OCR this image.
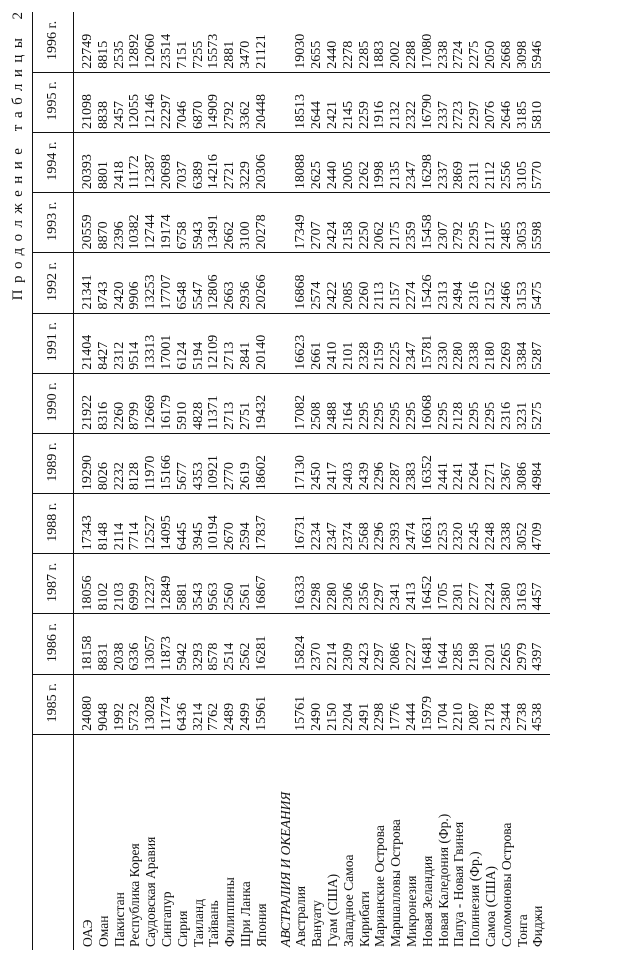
Продолжение таблицы2
	1985 г.	1986 г.	1987 г.	1988 г.	1989 г.	1990 г.	1991 г.	1992 г.	1993 г.	1994 г.	1995 г.	1996 г.
ОАЭ	24080	18158	18056	17343	19290	21922	21404	21341	20559	20393	21098	22749
Оман	9048	8831	8102	8148	8026	8316	8427	8743	8870	8801	8838	8815
Пакистан	1992	2038	2103	2114	2232	2260	2312	2420	2396	2418	2457	2535
Республика Корея	5732	6336	6999	7714	8128	8799	9514	9906	10382	11172	12055	12892
Саудовская Аравия	13028	13057	12237	12527	11970	12669	13313	13253	12744	12387	12146	12060
Сингапур	11774	11873	12849	14095	15166	16179	17001	17707	19174	20698	22297	23514
Сирия	6436	5942	5881	6445	5677	5910	6124	6548	6758	7037	7046	7151
Таиланд	3214	3293	3543	3945	4353	4828	5194	5547	5943	6389	6870	7255
Тайвань	7762	8578	9563	10194	10921	11371	12109	12806	13491	14216	14909	15573
Филиппины	2489	2514	2560	2670	2770	2713	2713	2663	2662	2721	2792	2881
Шри Ланка	2499	2562	2561	2594	2619	2751	2841	2936	3100	3229	3362	3470
Япония	15961	16281	16867	17837	18602	19432	20140	20266	20278	20306	20448	21121
АВСТРАЛИЯ И ОКЕАНИЯ												
Австралия	15761	15824	16333	16731	17130	17082	16623	16868	17349	18088	18513	19030
Вануату	2490	2370	2298	2234	2450	2508	2661	2574	2707	2625	2644	2655
Гуам (США)	2150	2214	2280	2347	2417	2488	2410	2422	2424	2440	2421	2440
Западное Самоа	2204	2309	2306	2374	2403	2164	2101	2085	2158	2005	2145	2278
Кирибати	2491	2423	2356	2568	2439	2295	2328	2260	2250	2262	2259	2285
Марианские Острова	2298	2297	2297	2296	2296	2295	2159	2113	2062	1998	1916	1883
Маршалловы Острова	1776	2086	2341	2393	2287	2295	2225	2157	2175	2135	2132	2002
Микронезия	2444	2227	2413	2474	2383	2295	2347	2274	2359	2347	2322	2288
Новая Зеландия	15979	16481	16452	16631	16352	16068	15781	15426	15458	16298	16790	17080
Новая Каледония (Фр.)	1704	1644	1705	2253	2441	2295	2330	2313	2307	2337	2337	2338
Папуа - Новая Гвинея	2210	2285	2301	2320	2241	2128	2280	2494	2792	2869	2723	2724
Полинезия (Фр.)	2087	2198	2277	2245	2264	2295	2338	2316	2295	2311	2297	2275
Самоа (США)	2178	2201	2224	2248	2271	2295	2180	2152	2117	2112	2076	2050
Соломоновы Острова	2344	2265	2380	2338	2367	2316	2269	2466	2485	2556	2646	2668
Тонга	2738	2979	3163	3052	3086	3231	3384	3153	3053	3105	3185	3098
Фиджи	4538	4397	4457	4709	4984	5275	5287	5475	5598	5770	5810	5946
